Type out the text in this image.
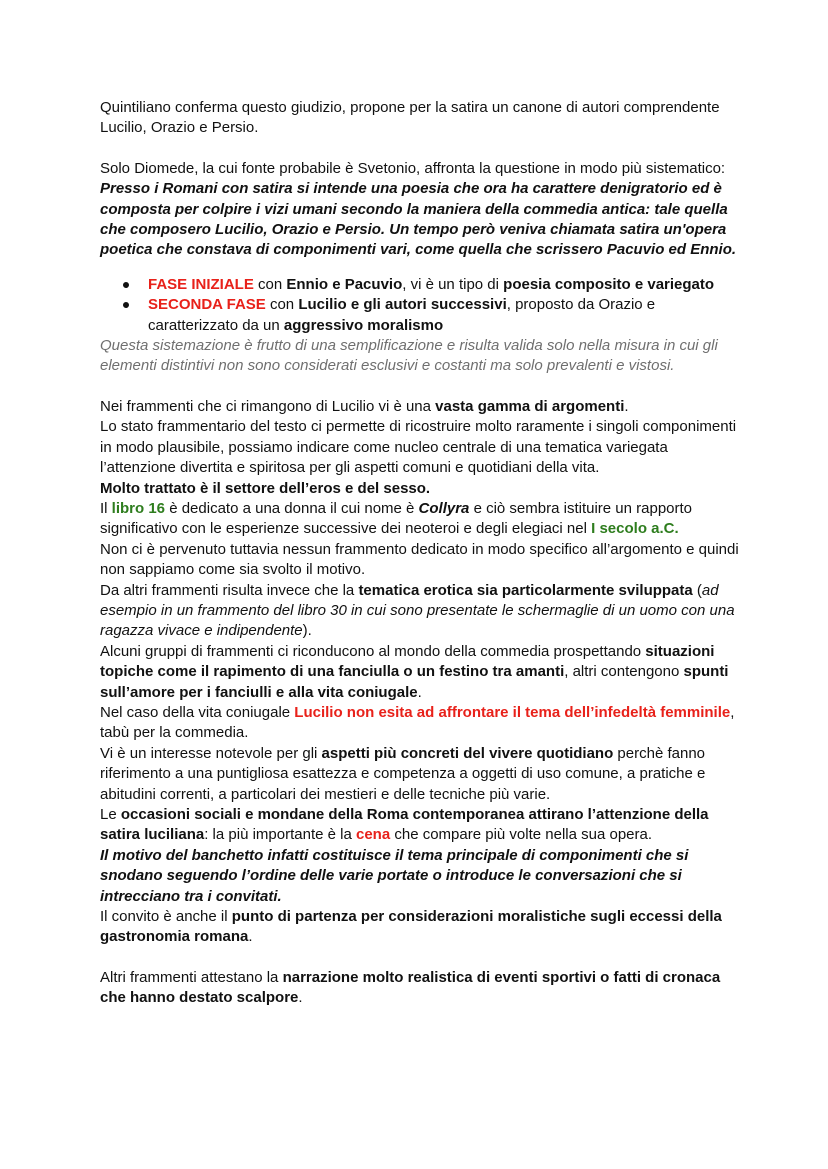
Quintiliano conferma questo giudizio, propone per la satira un canone di autori comprendente Lucilio, Orazio e Persio.

Solo Diomede, la cui fonte probabile è Svetonio, affronta la questione in modo più sistematico:

Presso i Romani con satira si intende una poesia che ora ha carattere denigratorio ed è composta per colpire i vizi umani secondo la maniera della commedia antica: tale quella che composero Lucilio, Orazio e Persio. Un tempo però veniva chiamata satira un'opera poetica che constava di componimenti vari, come quella che scrissero Pacuvio ed Ennio.

FASE INIZIALE con Ennio e Pacuvio, vi è un tipo di poesia composito e variegato
SECONDA FASE con Lucilio e gli autori successivi, proposto da Orazio e caratterizzato da un aggressivo moralismo

Questa sistemazione è frutto di una semplificazione e risulta valida solo nella misura in cui gli elementi distintivi non sono considerati esclusivi e costanti ma solo prevalenti e vistosi.

Nei frammenti che ci rimangono di Lucilio vi è una vasta gamma di argomenti.

Lo stato frammentario del testo ci permette di ricostruire molto raramente i singoli componimenti in modo plausibile, possiamo indicare come nucleo centrale di una tematica variegata l’attenzione divertita e spiritosa per gli aspetti comuni e quotidiani della vita.

Molto trattato è il settore dell’eros e del sesso.

Il libro 16 è dedicato a una donna il cui nome è Collyra e ciò sembra istituire un rapporto significativo con le esperienze successive dei neoteroi e degli elegiaci nel I secolo a.C.

Non ci è pervenuto tuttavia nessun frammento dedicato in modo specifico all’argomento e quindi non sappiamo come sia svolto il motivo.

Da altri frammenti risulta invece che la tematica erotica sia particolarmente sviluppata (ad esempio in un frammento del libro 30 in cui sono presentate le schermaglie di un uomo con una ragazza vivace e indipendente).

Alcuni gruppi di frammenti ci riconducono al mondo della commedia prospettando situazioni topiche come il rapimento di una fanciulla o un festino tra amanti, altri contengono spunti sull’amore per i fanciulli e alla vita coniugale.

Nel caso della vita coniugale Lucilio non esita ad affrontare il tema dell’infedeltà femminile, tabù per la commedia.

Vi è un interesse notevole per gli aspetti più concreti del vivere quotidiano perchè fanno riferimento a una puntigliosa esattezza e competenza a oggetti di uso comune, a pratiche e abitudini correnti, a particolari dei mestieri e delle tecniche più varie.

Le occasioni sociali e mondane della Roma contemporanea attirano l’attenzione della satira luciliana: la più importante è la cena che compare più volte nella sua opera.

Il motivo del banchetto infatti costituisce il tema principale di componimenti che si snodano seguendo l’ordine delle varie portate o introduce le conversazioni che si intrecciano tra i convitati.

Il convito è anche il punto di partenza per considerazioni moralistiche sugli eccessi della gastronomia romana.

Altri frammenti attestano la narrazione molto realistica di eventi sportivi o fatti di cronaca che hanno destato scalpore.
